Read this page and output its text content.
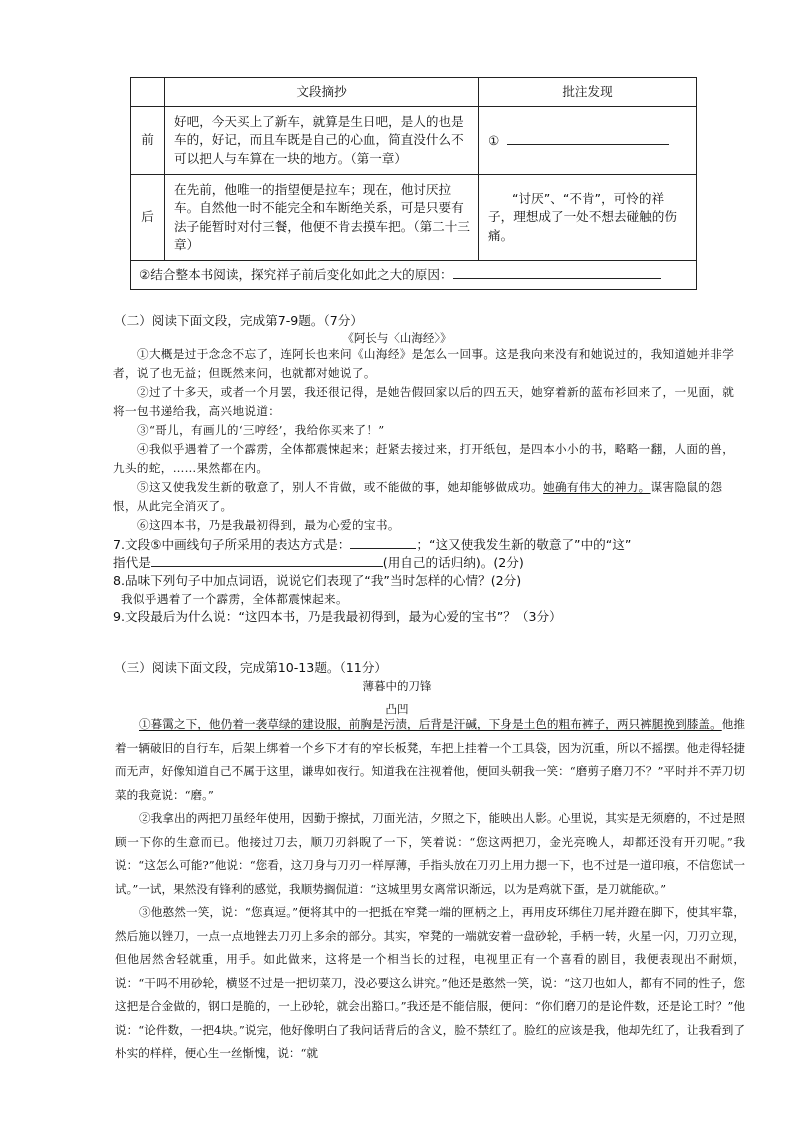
	文段摘抄	批注发现
前	好吧，今天买上了新车，就算是生日吧，是人的也是车的，好记，而且车既是自己的心血，简直没什么不可以把人与车算在一块的地方。（第一章）	①
后	在先前，他唯一的指望便是拉车；现在，他讨厌拉车。自然他一时不能完全和车断绝关系，可是只要有法子能暂时对付三餐，他便不肯去摸车把。（第二十三章）	“讨厌”、“不肯”，可怜的祥子，理想成了一处不想去碰触的伤痛。
②结合整本书阅读，探究祥子前后变化如此之大的原因：		
（二）阅读下面文段，完成第7-9题。（7分）
《阿长与〈山海经〉》
①大概是过于念念不忘了，连阿长也来问《山海经》是怎么一回事。这是我向来没有和她说过的，我知道她并非学者，说了也无益；但既然来问，也就都对她说了。
②过了十多天，或者一个月罢，我还很记得，是她告假回家以后的四五天，她穿着新的蓝布衫回来了，一见面，就将一包书递给我，高兴地说道：
③“哥儿，有画儿的‘三哼经’，我给你买来了！”
④我似乎遇着了一个霹雳，全体都震悚起来；赶紧去接过来，打开纸包，是四本小小的书，略略一翻，人面的兽，九头的蛇，……果然都在内。
⑤这又使我发生新的敬意了，别人不肯做，或不能做的事，她却能够做成功。她确有伟大的神力。谋害隐鼠的怨恨，从此完全消灭了。
⑥这四本书，乃是我最初得到，最为心爱的宝书。
7.文段⑤中画线句子所采用的表达方式是：	；“这又使我发生新的敬意了”中的“这”
指代是	(用自己的话归纳)。(2分)
8.品味下列句子中加点词语，说说它们表现了“我”当时怎样的心情？(2分)
我似乎遇着了一个霹雳，全体都震悚起来。
9.文段最后为什么说：“这四本书，乃是我最初得到，最为心爱的宝书”？（3分）
（三）阅读下面文段，完成第10-13题。（11分）
薄暮中的刀锋
凸凹
①暮霭之下，他仍着一袭草绿的建设服，前胸是污渍，后背是汗碱，下身是土色的粗布裤子，两只裤腿挽到膝盖。他推着一辆破旧的自行车，后架上绑着一个乡下才有的窄长板凳，车把上挂着一个工具袋，因为沉重，所以不摇摆。他走得轻捷而无声，好像知道自己不属于这里，谦卑如夜行。知道我在注视着他，便回头朝我一笑：“磨剪子磨刀不？”平时并不弄刀切菜的我竟说：“磨。”
②我拿出的两把刀虽经年使用，因勤于擦拭，刀面光洁，夕照之下，能映出人影。心里说，其实是无须磨的，不过是照顾一下你的生意而已。他接过刀去，顺刀刃斜睨了一下，笑着说：“您这两把刀，金光亮晚人，却都还没有开刃呢。”我说：“这怎么可能?”他说：“您看，这刀身与刀刃一样厚薄，手指头放在刀刃上用力摁一下，也不过是一道印痕，不信您试一试。”一试，果然没有锋利的感觉，我顺势搁侃道：“这城里男女离常识渐远，以为是鸡就下蛋，是刀就能砍。”
③他憨然一笑，说：“您真逗。”便将其中的一把抵在窄凳一端的匣柄之上，再用皮环绑住刀尾并蹬在脚下，使其牢靠，然后施以锉刀，一点一点地锉去刀刃上多余的部分。其实，窄凳的一端就安着一盘砂轮，手柄一转，火星一闪，刀刃立现，但他居然舍轻就重，用手。如此做来，这将是一个相当长的过程，电视里正有一个喜看的剧目，我便表现出不耐烦，说：“干吗不用砂轮，横竖不过是一把切菜刀，没必要这么讲究。”他还是憨然一笑，说：“这刀也如人，都有不同的性子，您这把是合金做的，钢口是脆的，一上砂轮，就会出豁口。”我还是不能信服，便问：“你们磨刀的是论件数，还是论工时？”他说：“论件数，一把4块。”说完，他好像明白了我问话背后的含义，脸不禁红了。脸红的应该是我，他却先红了，让我看到了朴实的样样，便心生一丝惭愧，说：“就
